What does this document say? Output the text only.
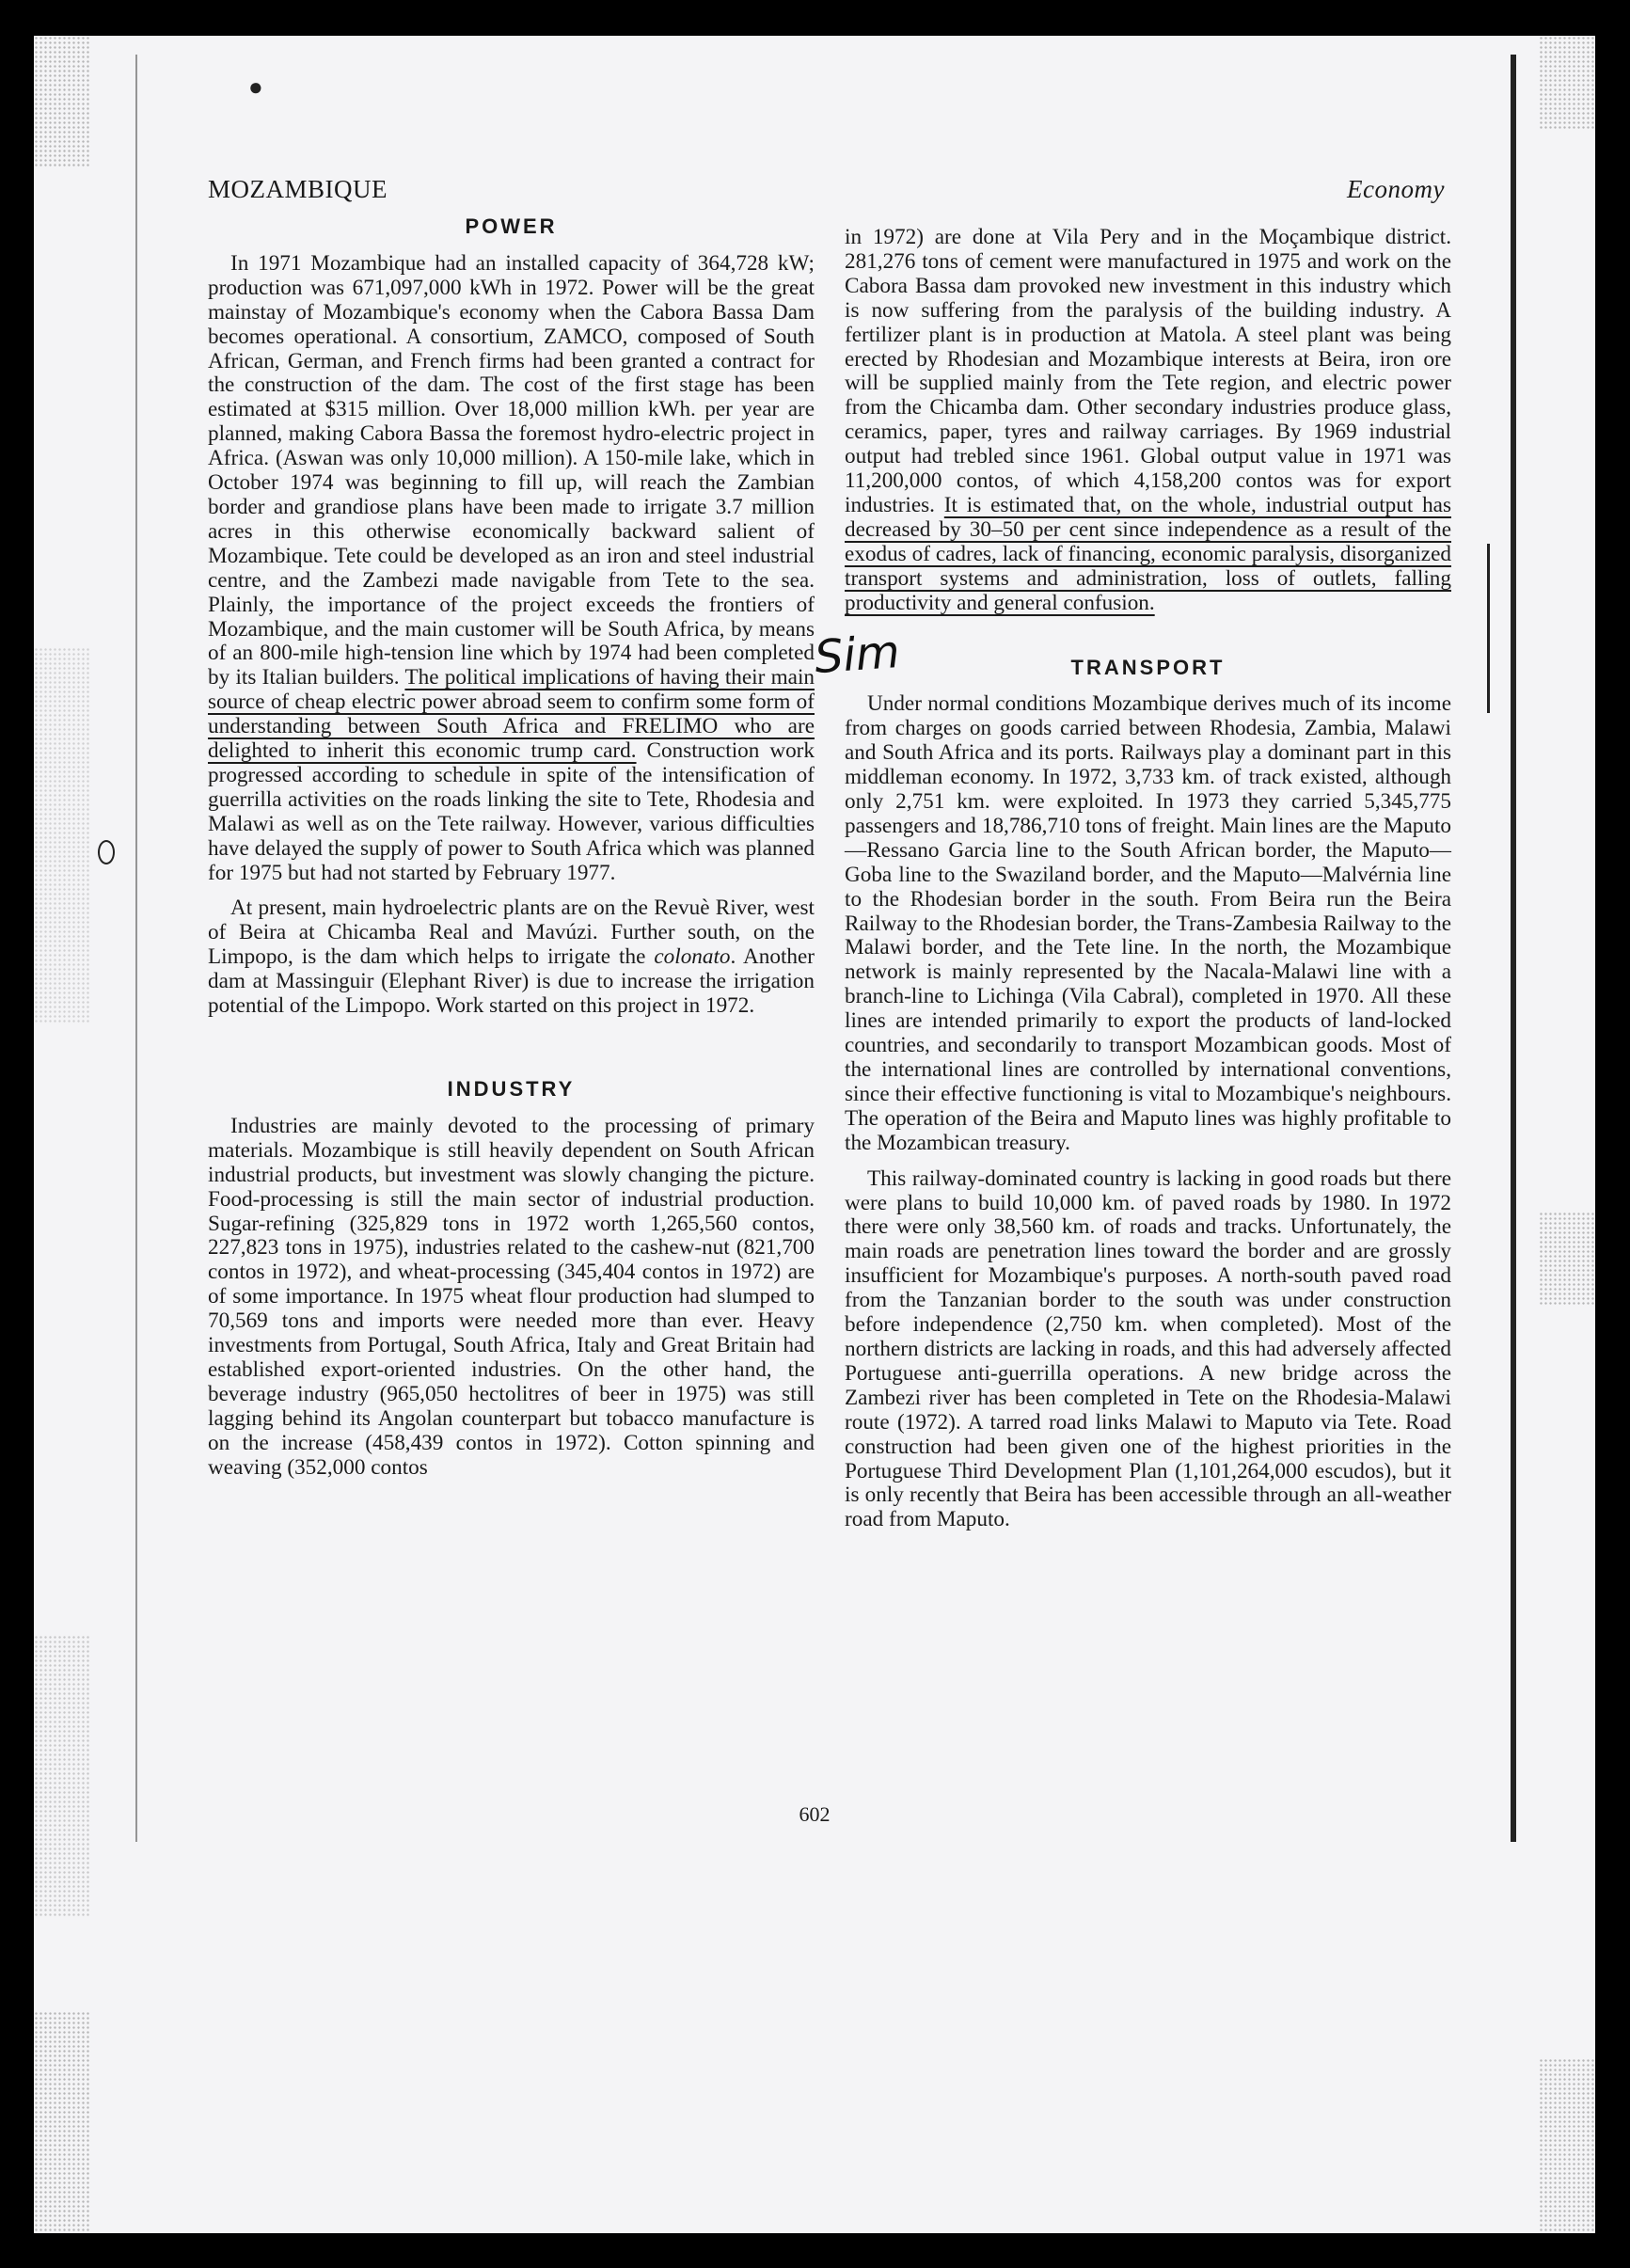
●
MOZAMBIQUE	Economy
POWER

In 1971 Mozambique had an installed capacity of 364,728 kW; production was 671,097,000 kWh in 1972. Power will be the great mainstay of Mozambique's economy when the Cabora Bassa Dam becomes operational. A consortium, ZAMCO, composed of South African, German, and French firms had been granted a contract for the construction of the dam. The cost of the first stage has been estimated at $315 million. Over 18,000 million kWh. per year are planned, making Cabora Bassa the foremost hydro-electric project in Africa. (Aswan was only 10,000 million). A 150-mile lake, which in October 1974 was beginning to fill up, will reach the Zambian border and grandiose plans have been made to irrigate 3.7 million acres in this otherwise economically backward salient of Mozambique. Tete could be developed as an iron and steel industrial centre, and the Zambezi made navigable from Tete to the sea. Plainly, the importance of the project exceeds the frontiers of Mozambique, and the main customer will be South Africa, by means of an 800-mile high-tension line which by 1974 had been completed by its Italian builders. The political implications of having their main source of cheap electric power abroad seem to confirm some form of understanding between South Africa and FRELIMO who are delighted to inherit this economic trump card. Construction work progressed according to schedule in spite of the intensification of guerrilla activities on the roads linking the site to Tete, Rhodesia and Malawi as well as on the Tete railway. However, various difficulties have delayed the supply of power to South Africa which was planned for 1975 but had not started by February 1977.

At present, main hydroelectric plants are on the Revuè River, west of Beira at Chicamba Real and Mavúzi. Further south, on the Limpopo, is the dam which helps to irrigate the colonato. Another dam at Massinguir (Elephant River) is due to increase the irrigation potential of the Limpopo. Work started on this project in 1972.

INDUSTRY

Industries are mainly devoted to the processing of primary materials. Mozambique is still heavily dependent on South African industrial products, but investment was slowly changing the picture. Food-processing is still the main sector of industrial production. Sugar-refining (325,829 tons in 1972 worth 1,265,560 contos, 227,823 tons in 1975), industries related to the cashew-nut (821,700 contos in 1972), and wheat-processing (345,404 contos in 1972) are of some importance. In 1975 wheat flour production had slumped to 70,569 tons and imports were needed more than ever. Heavy investments from Portugal, South Africa, Italy and Great Britain had established export-oriented industries. On the other hand, the beverage industry (965,050 hectolitres of beer in 1975) was still lagging behind its Angolan counterpart but tobacco manufacture is on the increase (458,439 contos in 1972). Cotton spinning and weaving (352,000 contos

in 1972) are done at Vila Pery and in the Moçambique district. 281,276 tons of cement were manufactured in 1975 and work on the Cabora Bassa dam provoked new investment in this industry which is now suffering from the paralysis of the building industry. A fertilizer plant is in production at Matola. A steel plant was being erected by Rhodesian and Mozambique interests at Beira, iron ore will be supplied mainly from the Tete region, and electric power from the Chicamba dam. Other secondary industries produce glass, ceramics, paper, tyres and railway carriages. By 1969 industrial output had trebled since 1961. Global output value in 1971 was 11,200,000 contos, of which 4,158,200 contos was for export industries. It is estimated that, on the whole, industrial output has decreased by 30–50 per cent since independence as a result of the exodus of cadres, lack of financing, economic paralysis, disorganized transport systems and administration, loss of outlets, falling productivity and general confusion.

TRANSPORT

Under normal conditions Mozambique derives much of its income from charges on goods carried between Rhodesia, Zambia, Malawi and South Africa and its ports. Railways play a dominant part in this middleman economy. In 1972, 3,733 km. of track existed, although only 2,751 km. were exploited. In 1973 they carried 5,345,775 passengers and 18,786,710 tons of freight. Main lines are the Maputo—Ressano Garcia line to the South African border, the Maputo—Goba line to the Swaziland border, and the Maputo—Malvérnia line to the Rhodesian border in the south. From Beira run the Beira Railway to the Rhodesian border, the Trans-Zambesia Railway to the Malawi border, and the Tete line. In the north, the Mozambique network is mainly represented by the Nacala-Malawi line with a branch-line to Lichinga (Vila Cabral), completed in 1970. All these lines are intended primarily to export the products of land-locked countries, and secondarily to transport Mozambican goods. Most of the international lines are controlled by international conventions, since their effective functioning is vital to Mozambique's neighbours. The operation of the Beira and Maputo lines was highly profitable to the Mozambican treasury.

This railway-dominated country is lacking in good roads but there were plans to build 10,000 km. of paved roads by 1980. In 1972 there were only 38,560 km. of roads and tracks. Unfortunately, the main roads are penetration lines toward the border and are grossly insufficient for Mozambique's purposes. A north-south paved road from the Tanzanian border to the south was under construction before independence (2,750 km. when completed). Most of the northern districts are lacking in roads, and this had adversely affected Portuguese anti-guerrilla operations. A new bridge across the Zambezi river has been completed in Tete on the Rhodesia-Malawi route (1972). A tarred road links Malawi to Maputo via Tete. Road construction had been given one of the highest priorities in the Portuguese Third Development Plan (1,101,264,000 escudos), but it is only recently that Beira has been accessible through an all-weather road from Maputo.

Sim
602
